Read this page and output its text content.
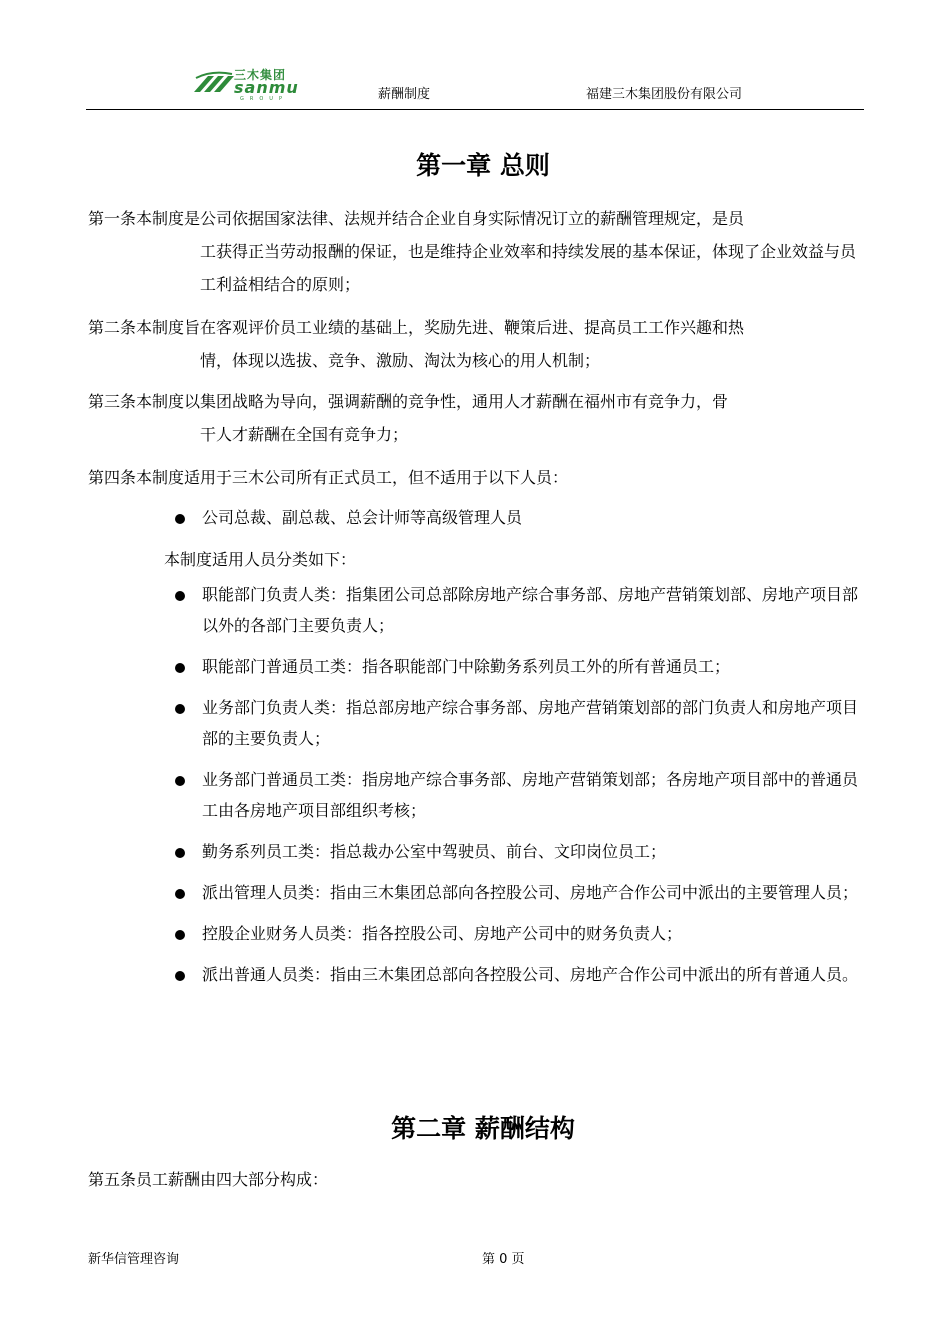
三木集团
sanmu
GROUP	薪酬制度	福建三木集团股份有限公司
第一章 总则
第一条本制度是公司依据国家法律、法规并结合企业自身实际情况订立的薪酬管理规定，是员
工获得正当劳动报酬的保证，也是维持企业效率和持续发展的基本保证，体现了企业效益与员工利益相结合的原则；
第二条本制度旨在客观评价员工业绩的基础上，奖励先进、鞭策后进、提高员工工作兴趣和热
情，体现以选拔、竞争、激励、淘汰为核心的用人机制；
第三条本制度以集团战略为导向，强调薪酬的竞争性，通用人才薪酬在福州市有竞争力，骨
干人才薪酬在全国有竞争力；
第四条本制度适用于三木公司所有正式员工，但不适用于以下人员：
公司总裁、副总裁、总会计师等高级管理人员
本制度适用人员分类如下：
职能部门负责人类：指集团公司总部除房地产综合事务部、房地产营销策划部、房地产项目部以外的各部门主要负责人；
职能部门普通员工类：指各职能部门中除勤务系列员工外的所有普通员工；
业务部门负责人类：指总部房地产综合事务部、房地产营销策划部的部门负责人和房地产项目部的主要负责人；
业务部门普通员工类：指房地产综合事务部、房地产营销策划部；各房地产项目部中的普通员工由各房地产项目部组织考核；
勤务系列员工类：指总裁办公室中驾驶员、前台、文印岗位员工；
派出管理人员类：指由三木集团总部向各控股公司、房地产合作公司中派出的主要管理人员；
控股企业财务人员类：指各控股公司、房地产公司中的财务负责人；
派出普通人员类：指由三木集团总部向各控股公司、房地产合作公司中派出的所有普通人员。
第二章 薪酬结构
第五条员工薪酬由四大部分构成：
新华信管理咨询	第 0 页
